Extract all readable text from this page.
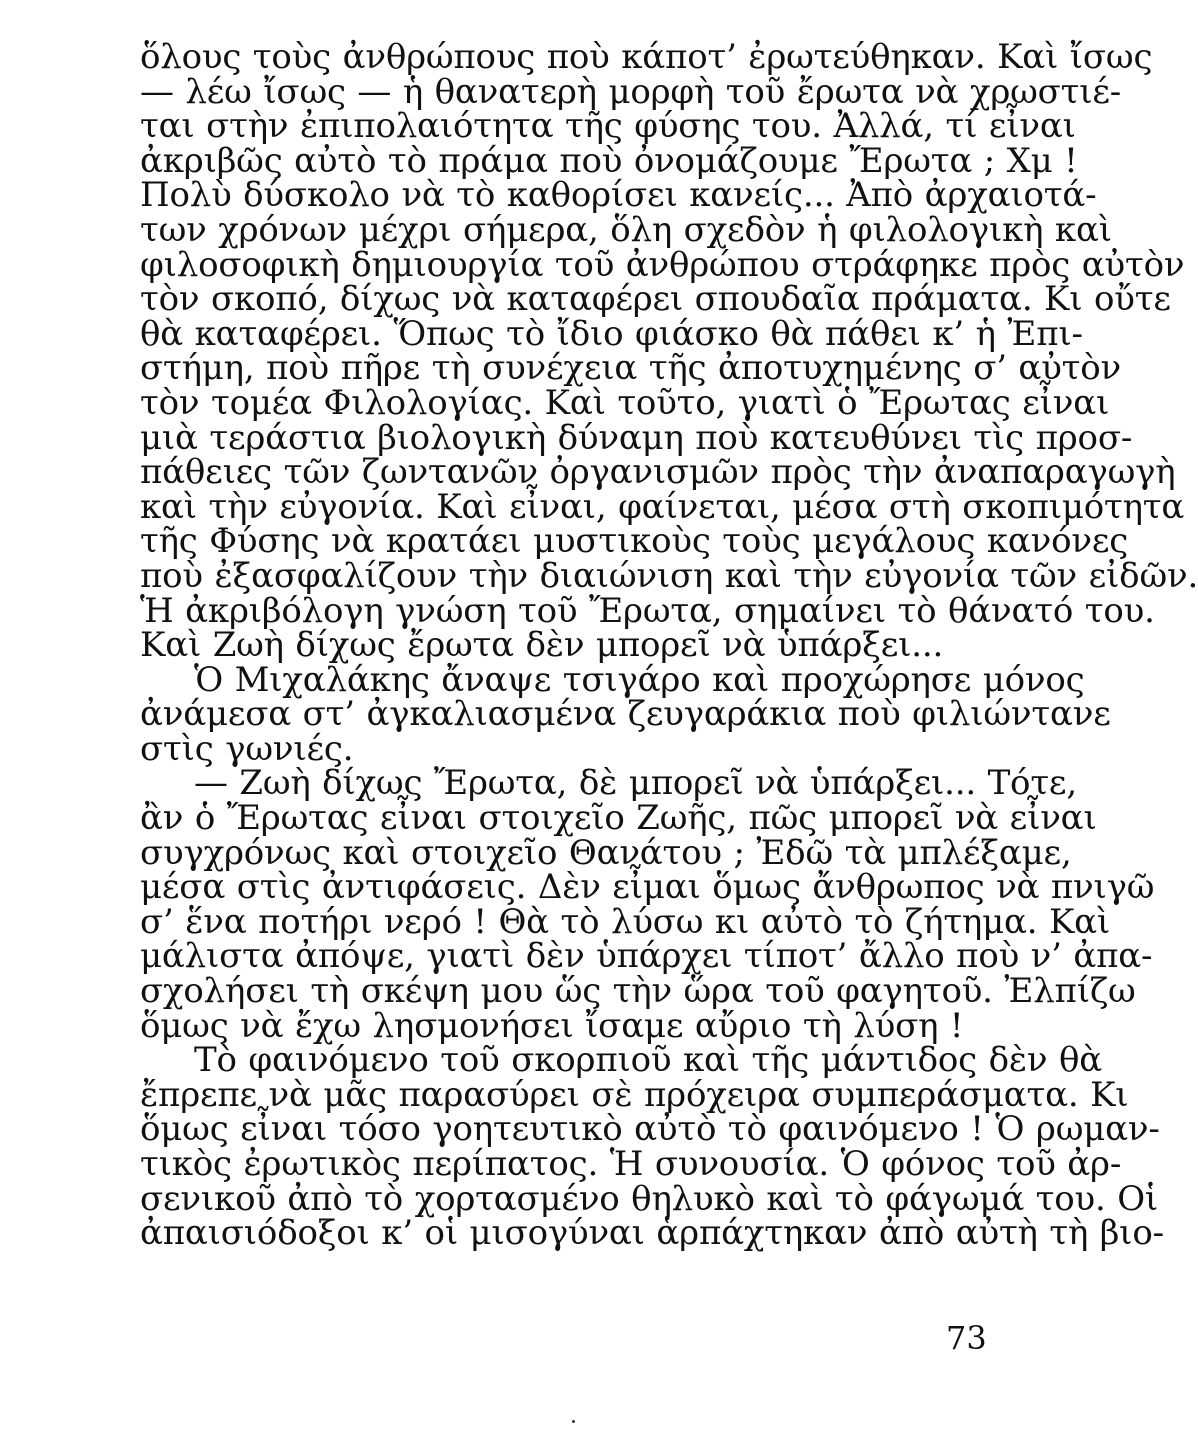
ὅλους τοὺς ἀνθρώπους ποὺ κάποτ’ ἐρωτεύθηκαν. Καὶ ἴσως
— λέω ἴσως — ἡ θανατερὴ μορφὴ τοῦ ἔρωτα νὰ χρωστιέ-
ται στὴν ἐπιπολαιότητα τῆς φύσης του. Ἀλλά, τί εἶναι
ἀκριβῶς αὐτὸ τὸ πράμα ποὺ ὀνομάζουμε Ἔρωτα ; Χμ !
Πολὺ δύσκολο νὰ τὸ καθορίσει κανείς... Ἀπὸ ἀρχαιοτά-
των χρόνων μέχρι σήμερα, ὅλη σχεδὸν ἡ φιλολογικὴ καὶ
φιλοσοφικὴ δημιουργία τοῦ ἀνθρώπου στράφηκε πρὸς αὐτὸν
τὸν σκοπό, δίχως νὰ καταφέρει σπουδαῖα πράματα. Κι οὔτε
θὰ καταφέρει. Ὅπως τὸ ἴδιο φιάσκο θὰ πάθει κ’ ἡ Ἐπι-
στήμη, ποὺ πῆρε τὴ συνέχεια τῆς ἀποτυχημένης σ’ αὐτὸν
τὸν τομέα Φιλολογίας. Καὶ τοῦτο, γιατὶ ὁ Ἔρωτας εἶναι
μιὰ τεράστια βιολογικὴ δύναμη ποὺ κατευθύνει τὶς προσ-
πάθειες τῶν ζωντανῶν ὀργανισμῶν πρὸς τὴν ἀναπαραγωγὴ
καὶ τὴν εὐγονία. Καὶ εἶναι, φαίνεται, μέσα στὴ σκοπιμότητα
τῆς Φύσης νὰ κρατάει μυστικοὺς τοὺς μεγάλους κανόνες
ποὺ ἐξασφαλίζουν τὴν διαιώνιση καὶ τὴν εὐγονία τῶν εἰδῶν.
Ἡ ἀκριβόλογη γνώση τοῦ Ἔρωτα, σημαίνει τὸ θάνατό του.
Καὶ Ζωὴ δίχως ἔρωτα δὲν μπορεῖ νὰ ὑπάρξει...
Ὁ Μιχαλάκης ἄναψε τσιγάρο καὶ προχώρησε μόνος
ἀνάμεσα στ’ ἀγκαλιασμένα ζευγαράκια ποὺ φιλιώντανε
στὶς γωνιές.
— Ζωὴ δίχως Ἔρωτα, δὲ μπορεῖ νὰ ὑπάρξει... Τότε,
ἂν ὁ Ἔρωτας εἶναι στοιχεῖο Ζωῆς, πῶς μπορεῖ νὰ εἶναι
συγχρόνως καὶ στοιχεῖο Θανάτου ; Ἐδῶ τὰ μπλέξαμε,
μέσα στὶς ἀντιφάσεις. Δὲν εἶμαι ὅμως ἄνθρωπος νὰ πνιγῶ
σ’ ἕνα ποτήρι νερό ! Θὰ τὸ λύσω κι αὐτὸ τὸ ζήτημα. Καὶ
μάλιστα ἀπόψε, γιατὶ δὲν ὑπάρχει τίποτ’ ἄλλο ποὺ ν’ ἀπα-
σχολήσει τὴ σκέψη μου ὥς τὴν ὥρα τοῦ φαγητοῦ. Ἐλπίζω
ὅμως νὰ ἔχω λησμονήσει ἴσαμε αὔριο τὴ λύση !
Τὸ φαινόμενο τοῦ σκορπιοῦ καὶ τῆς μάντιδος δὲν θὰ
ἔπρεπε νὰ μᾶς παρασύρει σὲ πρόχειρα συμπεράσματα. Κι
ὅμως εἶναι τόσο γοητευτικὸ αὐτὸ τὸ φαινόμενο ! Ὁ ρωμαν-
τικὸς ἐρωτικὸς περίπατος. Ἡ συνουσία. Ὁ φόνος τοῦ ἀρ-
σενικοῦ ἀπὸ τὸ χορτασμένο θηλυκὸ καὶ τὸ φάγωμά του. Οἱ
ἀπαισιόδοξοι κ’ οἱ μισογύναι ἁρπάχτηκαν ἀπὸ αὐτὴ τὴ βιο-
73
